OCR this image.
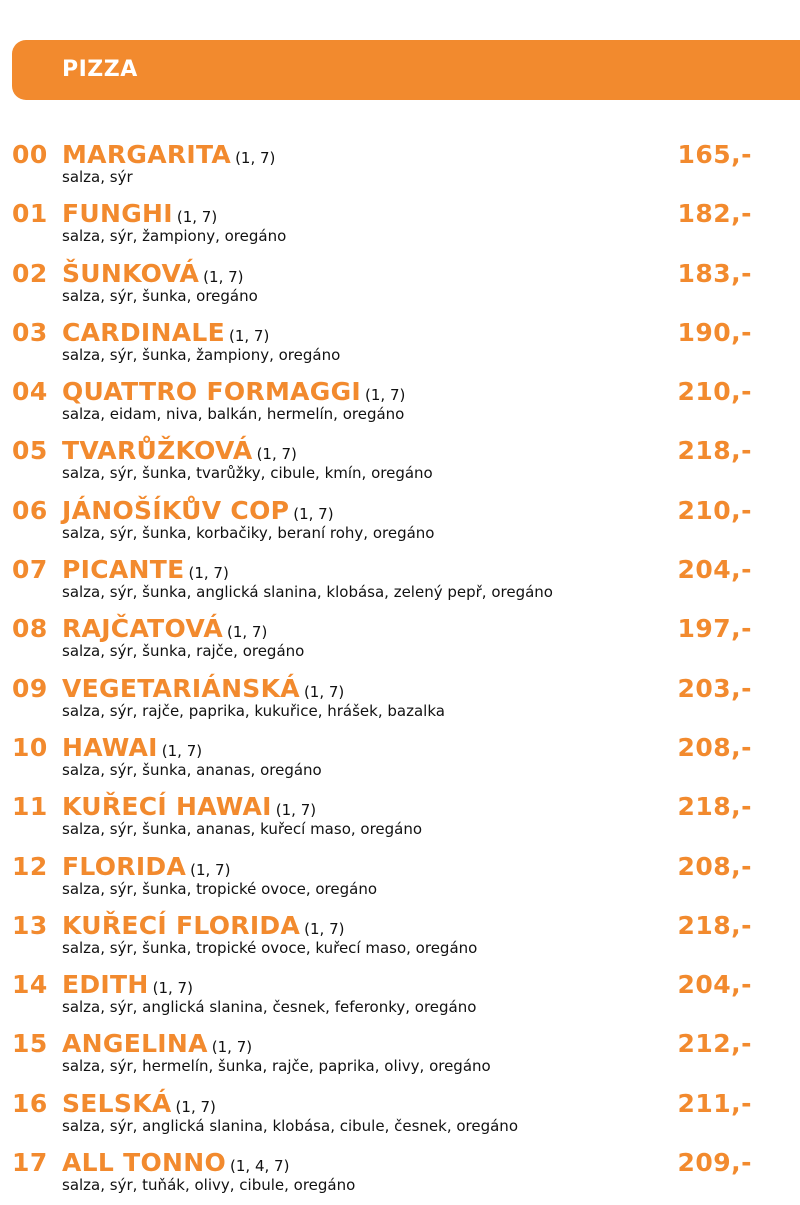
PIZZA
00 MARGARITA (1, 7)
salza, sýr
165,-
01 FUNGHI (1, 7)
salza, sýr, žampiony, oregáno
182,-
02 ŠUNKOVÁ (1, 7)
salza, sýr, šunka, oregáno
183,-
03 CARDINALE (1, 7)
salza, sýr, šunka, žampiony, oregáno
190,-
04 QUATTRO FORMAGGI (1, 7)
salza, eidam, niva, balkán, hermelín, oregáno
210,-
05 TVARŮŽKOVÁ (1, 7)
salza, sýr, šunka, tvarůžky, cibule, kmín, oregáno
218,-
06 JÁNOŠÍKŮV COP (1, 7)
salza, sýr, šunka, korbačiky, beraní rohy, oregáno
210,-
07 PICANTE (1, 7)
salza, sýr, šunka, anglická slanina, klobása, zelený pepř, oregáno
204,-
08 RAJČATOVÁ (1, 7)
salza, sýr, šunka, rajče, oregáno
197,-
09 VEGETARIÁNSKÁ (1, 7)
salza, sýr, rajče, paprika, kukuřice, hrášek, bazalka
203,-
10 HAWAI (1, 7)
salza, sýr, šunka, ananas, oregáno
208,-
11 KUŘECÍ HAWAI (1, 7)
salza, sýr, šunka, ananas, kuřecí maso, oregáno
218,-
12 FLORIDA (1, 7)
salza, sýr, šunka, tropické ovoce, oregáno
208,-
13 KUŘECÍ FLORIDA (1, 7)
salza, sýr, šunka, tropické ovoce, kuřecí maso, oregáno
218,-
14 EDITH (1, 7)
salza, sýr, anglická slanina, česnek, feferonky, oregáno
204,-
15 ANGELINA (1, 7)
salza, sýr, hermelín, šunka, rajče, paprika, olivy, oregáno
212,-
16 SELSKÁ (1, 7)
salza, sýr, anglická slanina, klobása, cibule, česnek, oregáno
211,-
17 ALL TONNO (1, 4, 7)
salza, sýr, tuňák, olivy, cibule, oregáno
209,-
